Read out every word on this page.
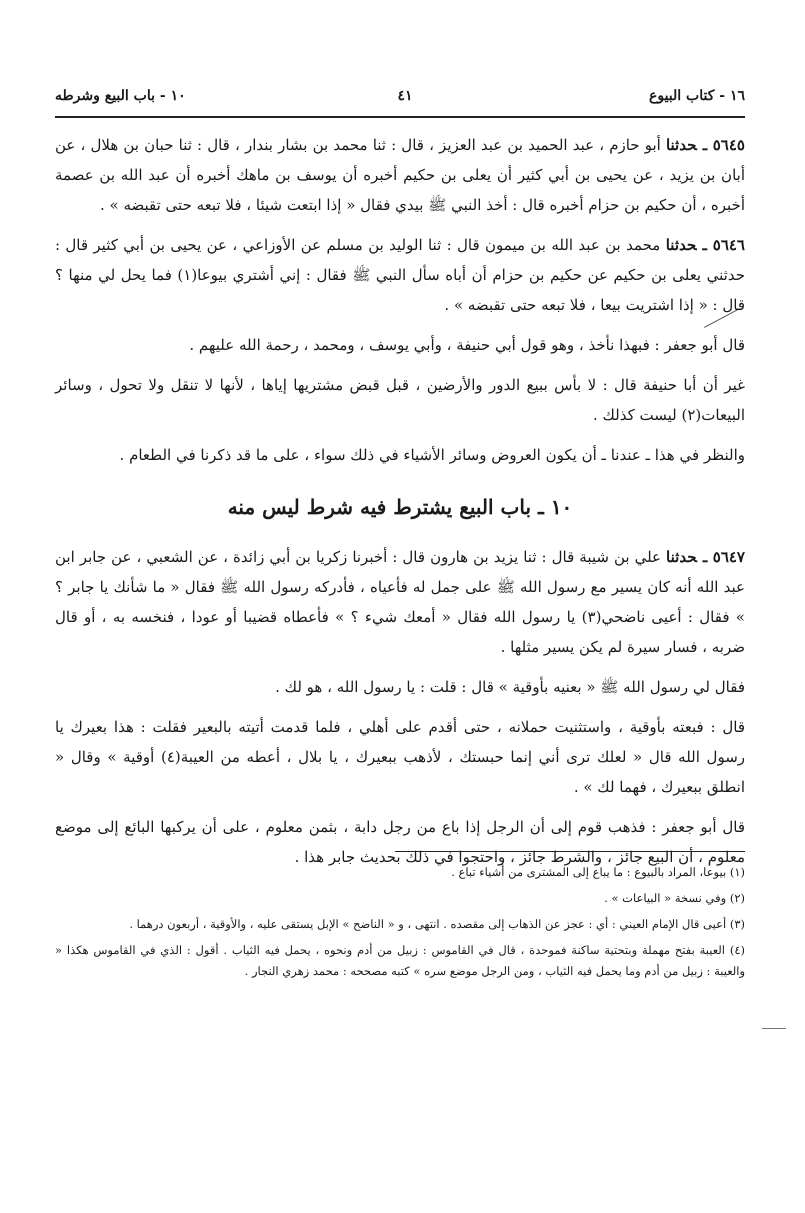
١٦ - كتاب البيوع
٤١
١٠ - باب البيع وشرطه

٥٦٤٥ ـحدثنا أبو حازم ، عبد الحميد بن عبد العزيز ، قال : ثنا محمد بن بشار بندار ، قال : ثنا حبان بن هلال ، عن أبان بن يزيد ، عن يحيى بن أبي كثير أن يعلى بن حكيم أخبره أن يوسف بن ماهك أخبره أن عبد الله بن عصمة أخبره ، أن حكيم بن حزام أخبره قال : أخذ النبي ﷺ بيدي فقال « إذا ابتعت شيئا ، فلا تبعه حتى تقبضه » .

٥٦٤٦ ـحدثنا محمد بن عبد الله بن ميمون قال : ثنا الوليد بن مسلم عن الأوزاعي ، عن يحيى بن أبي كثير قال : حدثني يعلى بن حكيم عن حكيم بن حزام أن أباه سأل النبي ﷺ فقال : إني أشتري بيوعا(١) فما يحل لي منها ؟ قال : « إذا اشتريت بيعا ، فلا تبعه حتى تقبضه » .

قال أبو جعفر : فبهذا نأخذ ، وهو قول أبي حنيفة ، وأبي يوسف ، ومحمد ، رحمة الله عليهم .

غير أن أبا حنيفة قال : لا بأس ببيع الدور والأرضين ، قبل قبض مشتريها إياها ، لأنها لا تنقل ولا تحول ، وسائر البيعات(٢) ليست كذلك .

والنظر في هذا ـ عندنا ـ أن يكون العروض وسائر الأشياء في ذلك سواء ، على ما قد ذكرنا في الطعام .

١٠ ـ باب البيع يشترط فيه شرط ليس منه

٥٦٤٧ ـحدثنا علي بن شيبة قال : ثنا يزيد بن هارون قال : أخبرنا زكريا بن أبي زائدة ، عن الشعبي ، عن جابر ابن عبد الله أنه كان يسير مع رسول الله ﷺ على جمل له فأعياه ، فأدركه رسول الله ﷺ فقال « ما شأنك يا جابر ؟ » فقال : أعيى ناضحي(٣) يا رسول الله فقال « أمعك شيء ؟ » فأعطاه قضيبا أو عودا ، فنخسه به ، أو قال ضربه ، فسار سيرة لم يكن يسير مثلها .

فقال لي رسول الله ﷺ « بعنيه بأوقية » قال : قلت : يا رسول الله ، هو لك .

قال : فبعته بأوقية ، واستثنيت حملانه ، حتى أقدم على أهلي ، فلما قدمت أتيته بالبعير فقلت : هذا بعيرك يا رسول الله قال « لعلك ترى أني إنما حبستك ، لأذهب ببعيرك ، يا بلال ، أعطه من العيبة(٤) أوقية » وقال « انطلق ببعيرك ، فهما لك » .

قال أبو جعفر : فذهب قوم إلى أن الرجل إذا باع من رجل دابة ، بثمن معلوم ، على أن يركبها البائع إلى موضع معلوم ، أن البيع جائز ، والشرط جائز ، واحتجوا في ذلك بحديث جابر هذا .

(١) بيوعا، المراد بالبيوع : ما يباع إلى المشترى من أشياء تباع .

(٢) وفي نسخة « البياعات » .

(٣) أعيى قال الإمام العيني : أي : عجز عن الذهاب إلى مقصده . انتهى ، و « الناضح » الإبل يستقى عليه ، والأوقية ، أربعون درهما .

(٤) العيبة بفتح مهملة وبتحتية ساكنة فموحدة ، قال في القاموس : زبيل من أدم ونحوه ، يحمل فيه الثياب . أقول : الذي في القاموس هكذا « والعيبة : زبيل من أدم وما يحمل فيه الثياب ، ومن الرجل موضع سره » كتبه مصححه : محمد زهري النجار .
